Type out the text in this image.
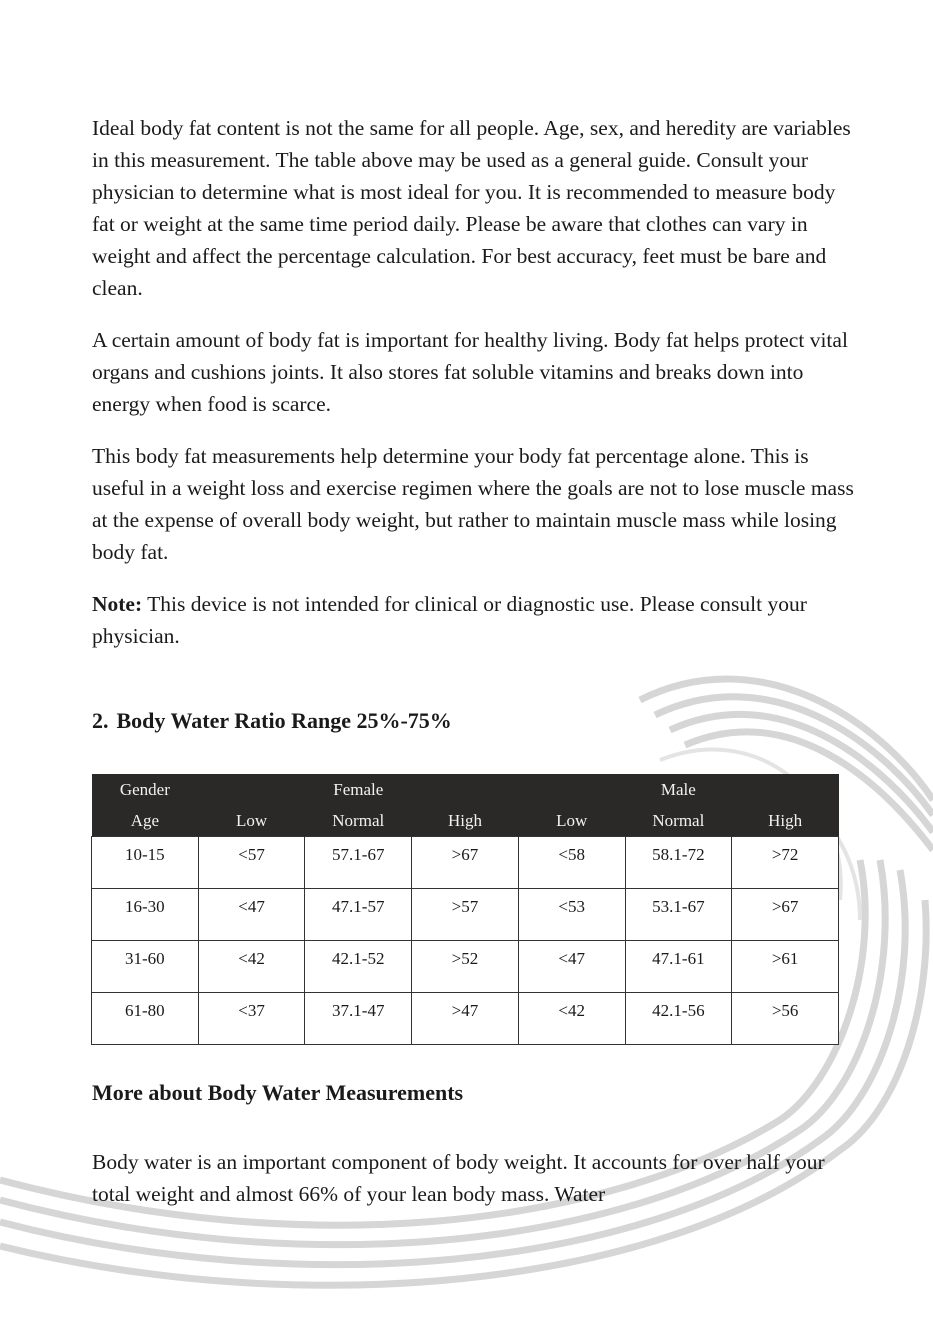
Ideal body fat content is not the same for all people. Age, sex, and heredity are variables in this measurement. The table above may be used as a general guide. Consult your physician to determine what is most ideal for you. It is recommended to measure body fat or weight at the same time period daily. Please be aware that clothes can vary in weight and affect the percentage calculation. For best accuracy, feet must be bare and clean.

A certain amount of body fat is important for healthy living. Body fat helps protect vital organs and cushions joints. It also stores fat soluble vitamins and breaks down into energy when food is scarce.

This body fat measurements help determine your body fat percentage alone. This is useful in a weight loss and exercise regimen where the goals are not to lose muscle mass at the expense of overall body weight, but rather to maintain muscle mass while losing body fat.

Note: This device is not intended for clinical or diagnostic use. Please consult your physician.

2. Body Water Ratio Range 25%-75%
Gender		Female			Male	
Age	Low	Normal	High	Low	Normal	High
10-15	<57	57.1-67	>67	<58	58.1-72	>72
16-30	<47	47.1-57	>57	<53	53.1-67	>67
31-60	<42	42.1-52	>52	<47	47.1-61	>61
61-80	<37	37.1-47	>47	<42	42.1-56	>56
More about Body Water Measurements

Body water is an important component of body weight. It accounts for over half your total weight and almost 66% of your lean body mass. Water
